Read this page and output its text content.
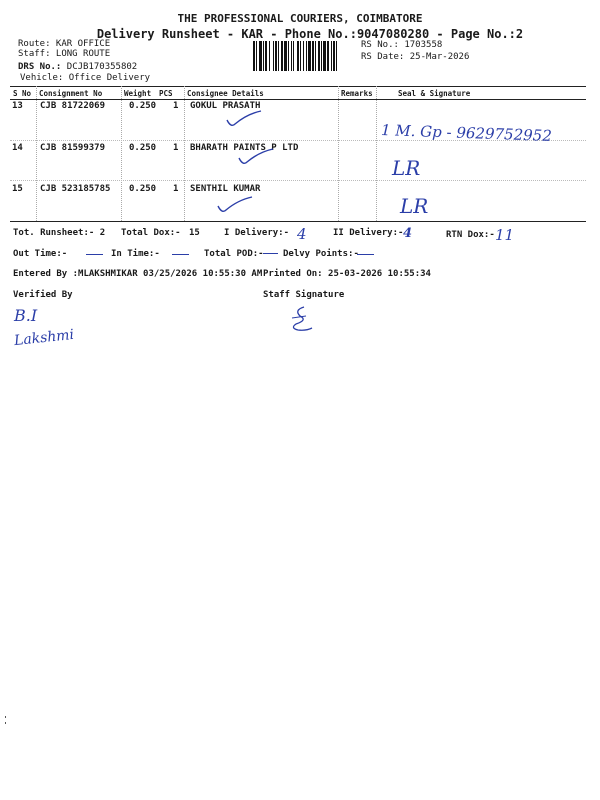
THE PROFESSIONAL COURIERS, COIMBATORE
Delivery Runsheet - KAR - Phone No.:9047080280 - Page No.:2
Route: KAR OFFICE
Staff: LONG ROUTE
DRS No.: DCJB170355802
Vehicle: Office Delivery
RS No.: 1703558
RS Date: 25-Mar-2026
S No Consignment No	Weight PCS Consignee Details	Remarks	Seal & Signature
13 CJB 81722069	0.250 1 GOKUL PRASATH
1 M. Gp - 9629752952
14 CJB 81599379	0.250 1 BHARATH PAINTS P LTD
LR
15 CJB 523185785 0.250 1 SENTHIL KUMAR
LR
Tot. Runsheet:- 2 Total Dox:- 15	I Delivery:- 4	II Delivery:- 4	RTN Dox:- 11
Out Time:-	In Time:-	Total POD:- Delvy Points:-
Entered By :MLAKSHMIKAR 03/25/2026 10:55:30 AM Printed On: 25-03-2026 10:55:34
Verified By	Staff Signature
B.I
Lakshmi
